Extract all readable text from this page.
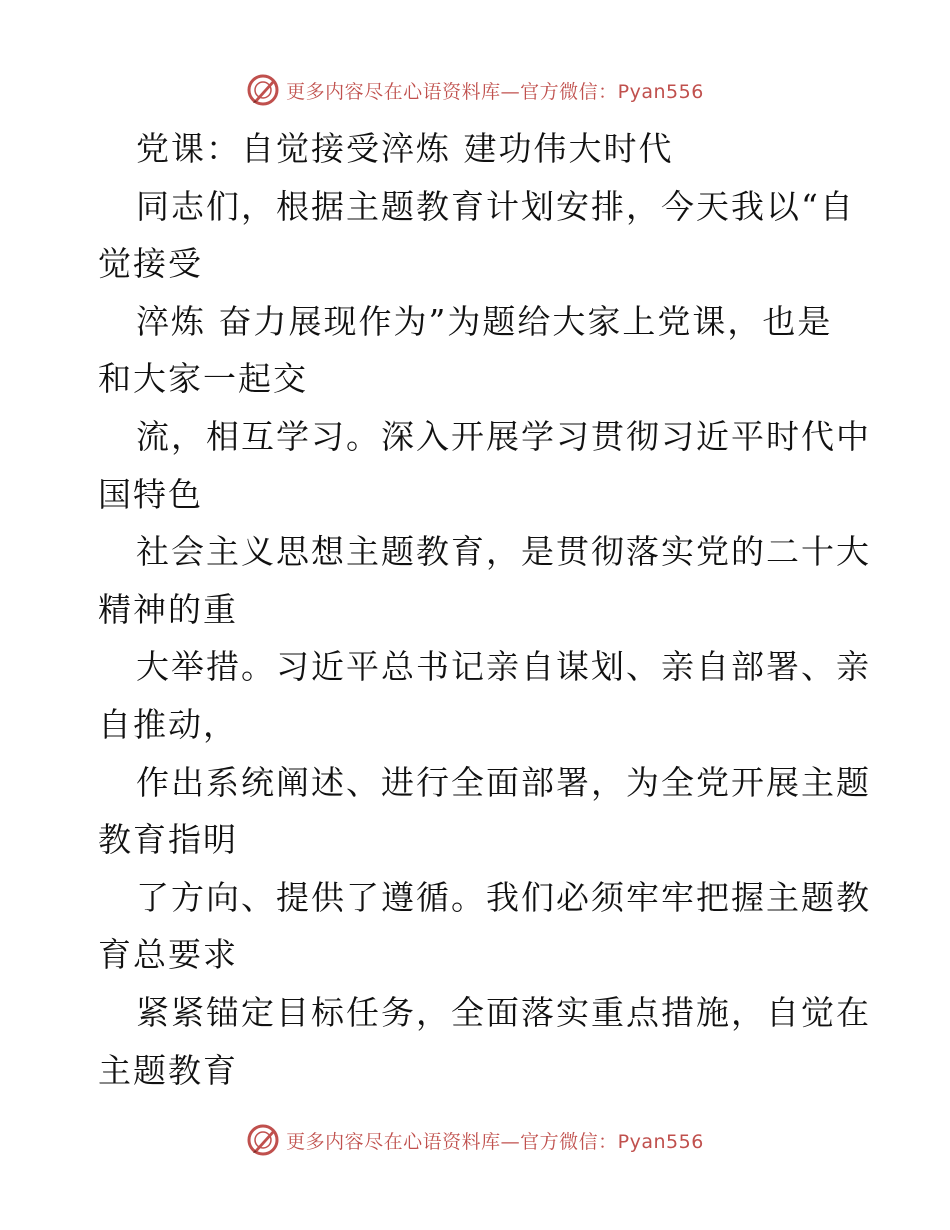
更多内容尽在心语资料库—官方微信：Pyan556
党课：自觉接受淬炼 建功伟大时代
同志们，根据主题教育计划安排，今天我以“自
觉接受
淬炼 奋力展现作为”为题给大家上党课，也是
和大家一起交
流，相互学习。深入开展学习贯彻习近平时代中
国特色
社会主义思想主题教育，是贯彻落实党的二十大
精神的重
大举措。习近平总书记亲自谋划、亲自部署、亲
自推动，
作出系统阐述、进行全面部署，为全党开展主题
教育指明
了方向、提供了遵循。我们必须牢牢把握主题教
育总要求
紧紧锚定目标任务，全面落实重点措施，自觉在
主题教育
更多内容尽在心语资料库—官方微信：Pyan556
